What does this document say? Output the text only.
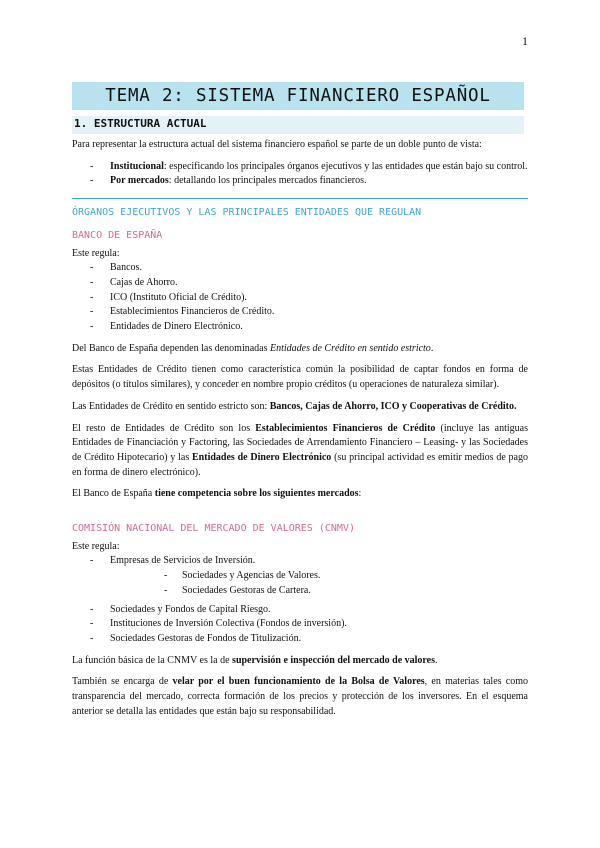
1
TEMA 2: SISTEMA FINANCIERO ESPAÑOL
1. ESTRUCTURA ACTUAL

Para representar la estructura actual del sistema financiero español se parte de un doble punto de vista:

- Institucional: especificando los principales órganos ejecutivos y las entidades que están bajo su control.
- Por mercados: detallando los principales mercados financieros.
ÓRGANOS EJECUTIVOS Y LAS PRINCIPALES ENTIDADES QUE REGULAN
BANCO DE ESPAÑA

Este regula:

- Bancos.
- Cajas de Ahorro.
- ICO (Instituto Oficial de Crédito).
- Establecimientos Financieros de Crédito.
- Entidades de Dinero Electrónico.

Del Banco de España dependen las denominadas Entidades de Crédito en sentido estricto.

Estas Entidades de Crédito tienen como característica común la posibilidad de captar fondos en forma de depósitos (o títulos similares), y conceder en nombre propio créditos (u operaciones de naturaleza similar).

Las Entidades de Crédito en sentido estricto son: Bancos, Cajas de Ahorro, ICO y Cooperativas de Crédito.

El resto de Entidades de Crédito son los Establecimientos Financieros de Crédito (incluye las antiguas Entidades de Financiación y Factoring, las Sociedades de Arrendamiento Financiero – Leasing- y las Sociedades de Crédito Hipotecario) y las Entidades de Dinero Electrónico (su principal actividad es emitir medios de pago en forma de dinero electrónico).

El Banco de España tiene competencia sobre los siguientes mercados:

COMISIÓN NACIONAL DEL MERCADO DE VALORES (CNMV)

Este regula:

- Empresas de Servicios de Inversión.
- Sociedades y Agencias de Valores.
- Sociedades Gestoras de Cartera.
- Sociedades y Fondos de Capital Riesgo.
- Instituciones de Inversión Colectiva (Fondos de inversión).
- Sociedades Gestoras de Fondos de Titulización.

La función básica de la CNMV es la de supervisión e inspección del mercado de valores.

También se encarga de velar por el buen funcionamiento de la Bolsa de Valores, en materias tales como transparencia del mercado, correcta formación de los precios y protección de los inversores. En el esquema anterior se detalla las entidades que están bajo su responsabilidad.
